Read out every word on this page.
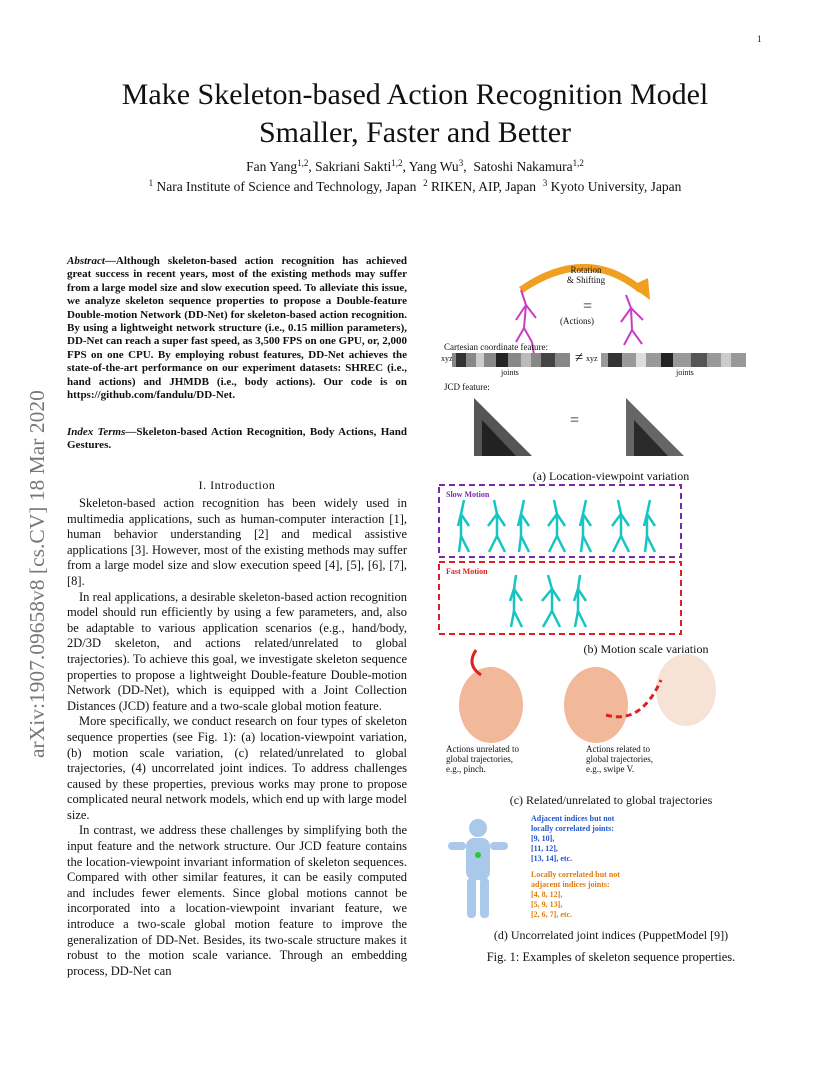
1
arXiv:1907.09658v8 [cs.CV] 18 Mar 2020
Make Skeleton-based Action Recognition Model
Smaller, Faster and Better
Fan Yang$^{1,2}$, Sakriani Sakti$^{1,2}$, Yang Wu$^3$,  Satoshi Nakamura$^{1,2}$
$^1$ Nara Institute of Science and Technology, Japan $^2$ RIKEN, AIP, Japan $^3$ Kyoto University, Japan
Abstract—Although skeleton-based action recognition has achieved great success in recent years, most of the existing methods may suffer from a large model size and slow execution speed. To alleviate this issue, we analyze skeleton sequence properties to propose a Double-feature Double-motion Network (DD-Net) for skeleton-based action recognition. By using a lightweight network structure (i.e., 0.15 million parameters), DD-Net can reach a super fast speed, as 3,500 FPS on one GPU, or, 2,000 FPS on one CPU. By employing robust features, DD-Net achieves the state-of-the-art performance on our experiment datasets: SHREC (i.e., hand actions) and JHMDB (i.e., body actions). Our code is on https://github.com/fandulu/DD-Net.
Index Terms—Skeleton-based Action Recognition, Body Actions, Hand Gestures.
I. Introduction

Skeleton-based action recognition has been widely used in multimedia applications, such as human-computer interaction [1], human behavior understanding [2] and medical assistive applications [3]. However, most of the existing methods may suffer from a large model size and slow execution speed [4], [5], [6], [7], [8].

In real applications, a desirable skeleton-based action recognition model should run efficiently by using a few parameters, and, also be adaptable to various application scenarios (e.g., hand/body, 2D/3D skeleton, and actions related/unrelated to global trajectories). To achieve this goal, we investigate skeleton sequence properties to propose a lightweight Double-feature Double-motion Network (DD-Net), which is equipped with a Joint Collection Distances (JCD) feature and a two-scale global motion feature.

More specifically, we conduct research on four types of skeleton sequence properties (see Fig. 1): (a) location-viewpoint variation, (b) motion scale variation, (c) related/unrelated to global trajectories, (4) uncorrelated joint indices. To address challenges caused by these properties, previous works may prone to propose complicated neural network models, which end up with large model size.

In contrast, we address these challenges by simplifying both the input feature and the network structure. Our JCD feature contains the location-viewpoint invariant information of skeleton sequences. Compared with other similar features, it can be easily computed and includes fewer elements. Since global motions cannot be incorporated into a location-viewpoint invariant feature, we introduce a two-scale global motion feature to improve the generalization of DD-Net. Besides, its two-scale structure makes it robust to the motion scale variance. Through an embedding process, DD-Net can

Rotation
& Shifting
=
(Actions)
Cartesian coordinate feature:
xyz	xyz
≠
joints	joints
JCD feature:
=
(a) Location-viewpoint variation
Slow Motion
Fast Motion
(b) Motion scale variation
Actions unrelated to
global trajectories,
e.g., pinch.
Actions related to
global trajectories,
e.g., swipe V.
(c) Related/unrelated to global trajectories
Adjacent indices but not
locally correlated joints:
[9, 10],
[11, 12],
[13, 14], etc.
Locally correlated but not
adjacent indices joints:
[4, 8, 12],
[5, 9, 13],
[2, 6, 7], etc.
(d) Uncorrelated joint indices (PuppetModel [9])
Fig. 1: Examples of skeleton sequence properties.
